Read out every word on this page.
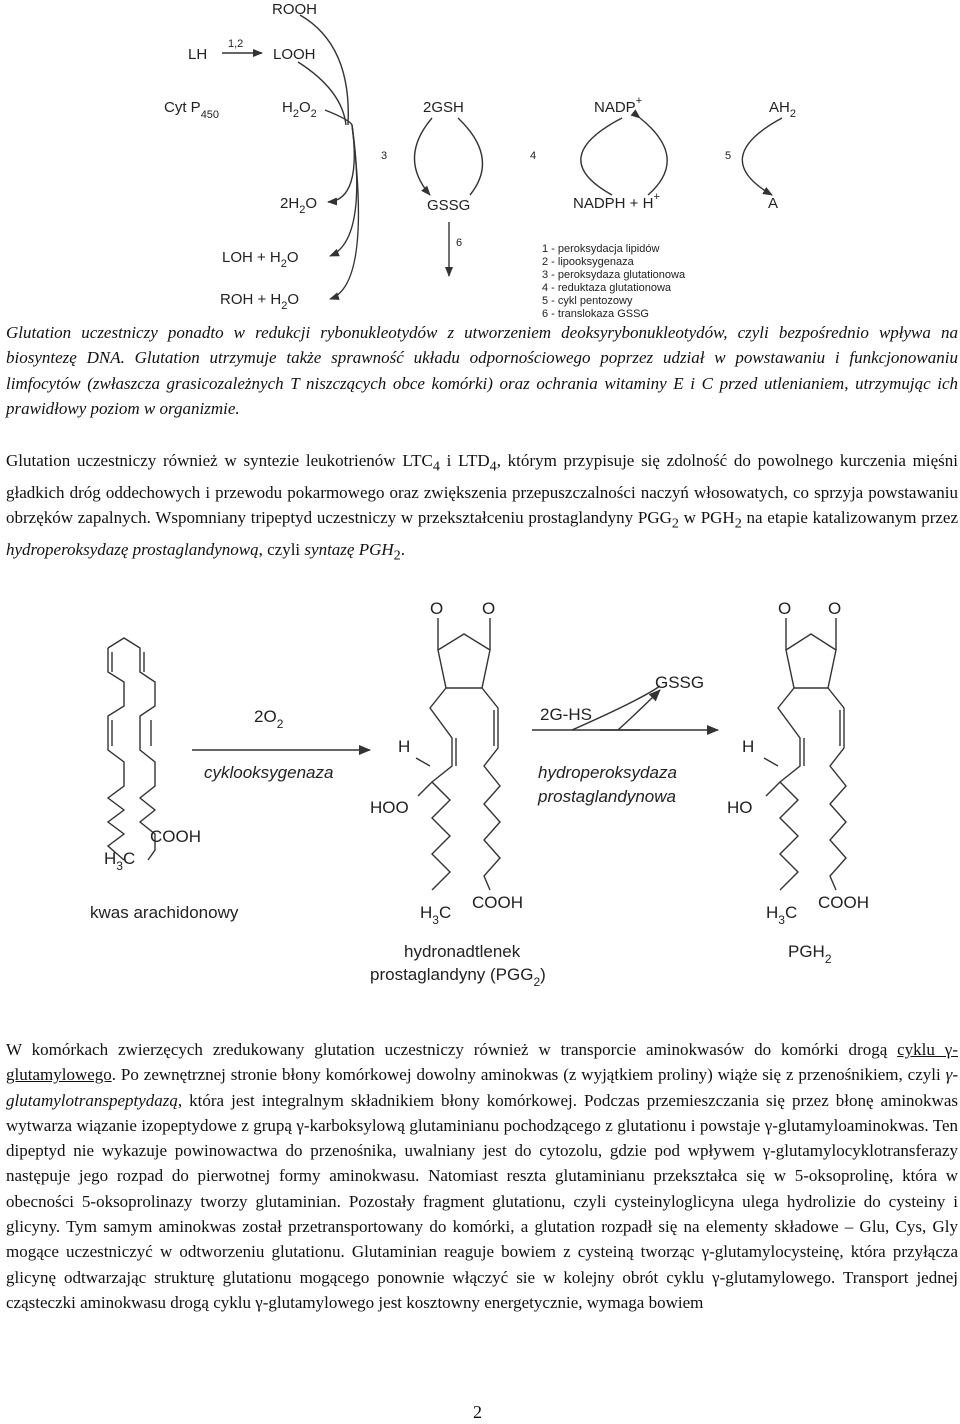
ROOH
LH
1,2
LOOH
Cyt $P_{450}$	$H_2O_2$	2GSH	NADP+	$AH_2$
3	4	5
$2H_2O$	GSSG	NADPH + H+	A
6
LOH + $H_2O$
ROH + $H_2O$
1 - peroksydacja lipidów
2 - lipooksygenaza
3 - peroksydaza glutationowa
4 - reduktaza glutationowa
5 - cykl pentozowy
6 - translokaza GSSG

Glutation uczestniczy ponadto w redukcji rybonukleotydów z utworzeniem deoksyrybonukleotydów, czyli bezpośrednio wpływa na biosyntezę DNA. Glutation utrzymuje także sprawność układu odpornościowego poprzez udział w powstawaniu i funkcjonowaniu limfocytów (zwłaszcza grasicozależnych T niszczących obce komórki) oraz ochrania witaminy E i C przed utlenianiem, utrzymując ich prawidłowy poziom w organizmie.

Glutation uczestniczy również w syntezie leukotrienów $LTC_4$ i $LTD_4$, którym przypisuje się zdolność do powolnego kurczenia mięśni gładkich dróg oddechowych i przewodu pokarmowego oraz zwiększenia przepuszczalności naczyń włosowatych, co sprzyja powstawaniu obrzęków zapalnych. Wspomniany tripeptyd uczestniczy w przekształceniu prostaglandyny $PGG_2$ w $PGH_2$ na etapie katalizowanym przez hydroperoksydazę prostaglandynową, czyli syntazę $PGH_2$.

O O	O O
$2O_2$
cyklooksygenaza
H
HOO
GSSG
2G-HS
hydroperoksydaza
prostaglandynowa
H
HO
$H_3C$
COOH
kwas arachidonowy	$H_3C$
COOH
hydronadtlenek
prostaglandyny $(PGG_2)$
$H_3C$
COOH
$PGH_2$

W komórkach zwierzęcych zredukowany glutation uczestniczy również w transporcie aminokwasów do komórki drogą cyklu γ-glutamylowego. Po zewnętrznej stronie błony komórkowej dowolny aminokwas (z wyjątkiem proliny) wiąże się z przenośnikiem, czyli γ-glutamylotranspeptydazą, która jest integralnym składnikiem błony komórkowej. Podczas przemieszczania się przez błonę aminokwas wytwarza wiązanie izopeptydowe z grupą γ-karboksylową glutaminianu pochodzącego z glutationu i powstaje γ-glutamyloaminokwas. Ten dipeptyd nie wykazuje powinowactwa do przenośnika, uwalniany jest do cytozolu, gdzie pod wpływem γ-glutamylocyklotransferazy następuje jego rozpad do pierwotnej formy aminokwasu. Natomiast reszta glutaminianu przekształca się w 5-oksoprolinę, która w obecności 5-oksoprolinazy tworzy glutaminian. Pozostały fragment glutationu, czyli cysteinyloglicyna ulega hydrolizie do cysteiny i glicyny. Tym samym aminokwas został przetransportowany do komórki, a glutation rozpadł się na elementy składowe – Glu, Cys, Gly mogące uczestniczyć w odtworzeniu glutationu. Glutaminian reaguje bowiem z cysteiną tworząc γ-glutamylocysteinę, która przyłącza glicynę odtwarzając strukturę glutationu mogącego ponownie włączyć sie w kolejny obrót cyklu γ-glutamylowego. Transport jednej cząsteczki aminokwasu drogą cyklu γ-glutamylowego jest kosztowny energetycznie, wymaga bowiem

2
